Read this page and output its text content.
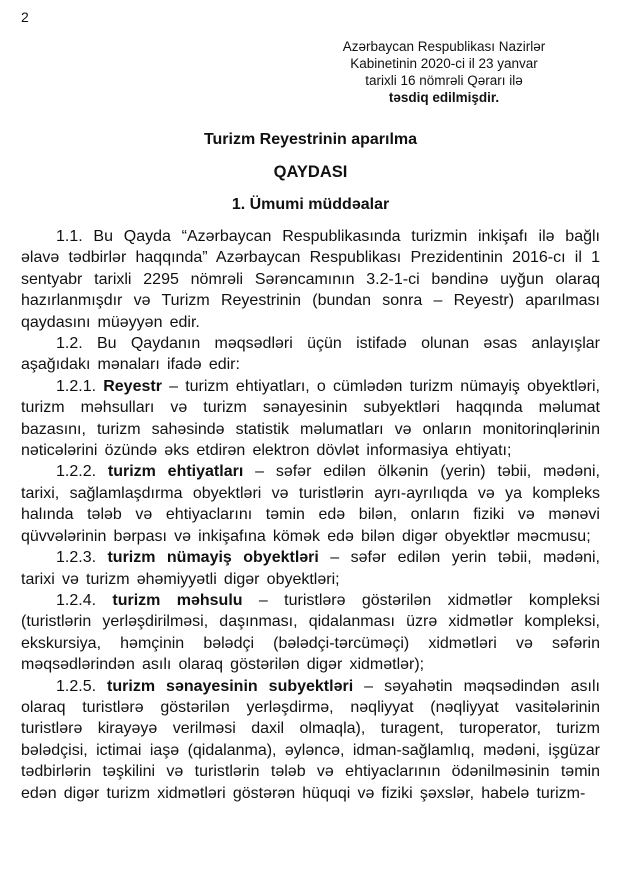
2
Azərbaycan Respublikası Nazirlər
Kabinetinin 2020-ci il 23 yanvar
tarixli 16 nömrəli Qərarı ilə
təsdiq edilmişdir.
Turizm Reyestrinin aparılma
QAYDASI
1. Ümumi müddəalar

1.1. Bu Qayda “Azərbaycan Respublikasında turizmin inkişafı ilə bağlı əlavə tədbirlər haqqında” Azərbaycan Respublikası Prezidentinin 2016-cı il 1 sentyabr tarixli 2295 nömrəli Sərəncamının 3.2-1-ci bəndinə uyğun olaraq hazırlanmışdır və Turizm Reyestrinin (bundan sonra – Reyestr) aparılması qaydasını müəyyən edir.

1.2. Bu Qaydanın məqsədləri üçün istifadə olunan əsas anlayışlar aşağıdakı mənaları ifadə edir:

1.2.1. Reyestr – turizm ehtiyatları, o cümlədən turizm nümayiş obyektləri, turizm məhsulları və turizm sənayesinin subyektləri haqqında məlumat bazasını, turizm sahəsində statistik məlumatları və onların monitorinqlərinin nəticələrini özündə əks etdirən elektron dövlət informasiya ehtiyatı;

1.2.2. turizm ehtiyatları – səfər edilən ölkənin (yerin) təbii, mədəni, tarixi, sağlamlaşdırma obyektləri və turistlərin ayrı-ayrılıqda və ya kompleks halında tələb və ehtiyaclarını təmin edə bilən, onların fiziki və mənəvi qüvvələrinin bərpası və inkişafına kömək edə bilən digər obyektlər məcmusu;

1.2.3. turizm nümayiş obyektləri – səfər edilən yerin təbii, mədəni, tarixi və turizm əhəmiyyətli digər obyektləri;

1.2.4. turizm məhsulu – turistlərə göstərilən xidmətlər kompleksi (turistlərin yerləşdirilməsi, daşınması, qidalanması üzrə xidmətlər kompleksi, ekskursiya, həmçinin bələdçi (bələdçi-tərcüməçi) xidmətləri və səfərin məqsədlərindən asılı olaraq göstərilən digər xidmətlər);

1.2.5. turizm sənayesinin subyektləri – səyahətin məqsədindən asılı olaraq turistlərə göstərilən yerləşdirmə, nəqliyyat (nəqliyyat vasitələrinin turistlərə kirayəyə verilməsi daxil olmaqla), turagent, turoperator, turizm bələdçisi, ictimai iaşə (qidalanma), əyləncə, idman-sağlamlıq, mədəni, işgüzar tədbirlərin təşkilini və turistlərin tələb və ehtiyaclarının ödənilməsinin təmin edən digər turizm xidmətləri göstərən hüquqi və fiziki şəxslər, habelə turizm-
